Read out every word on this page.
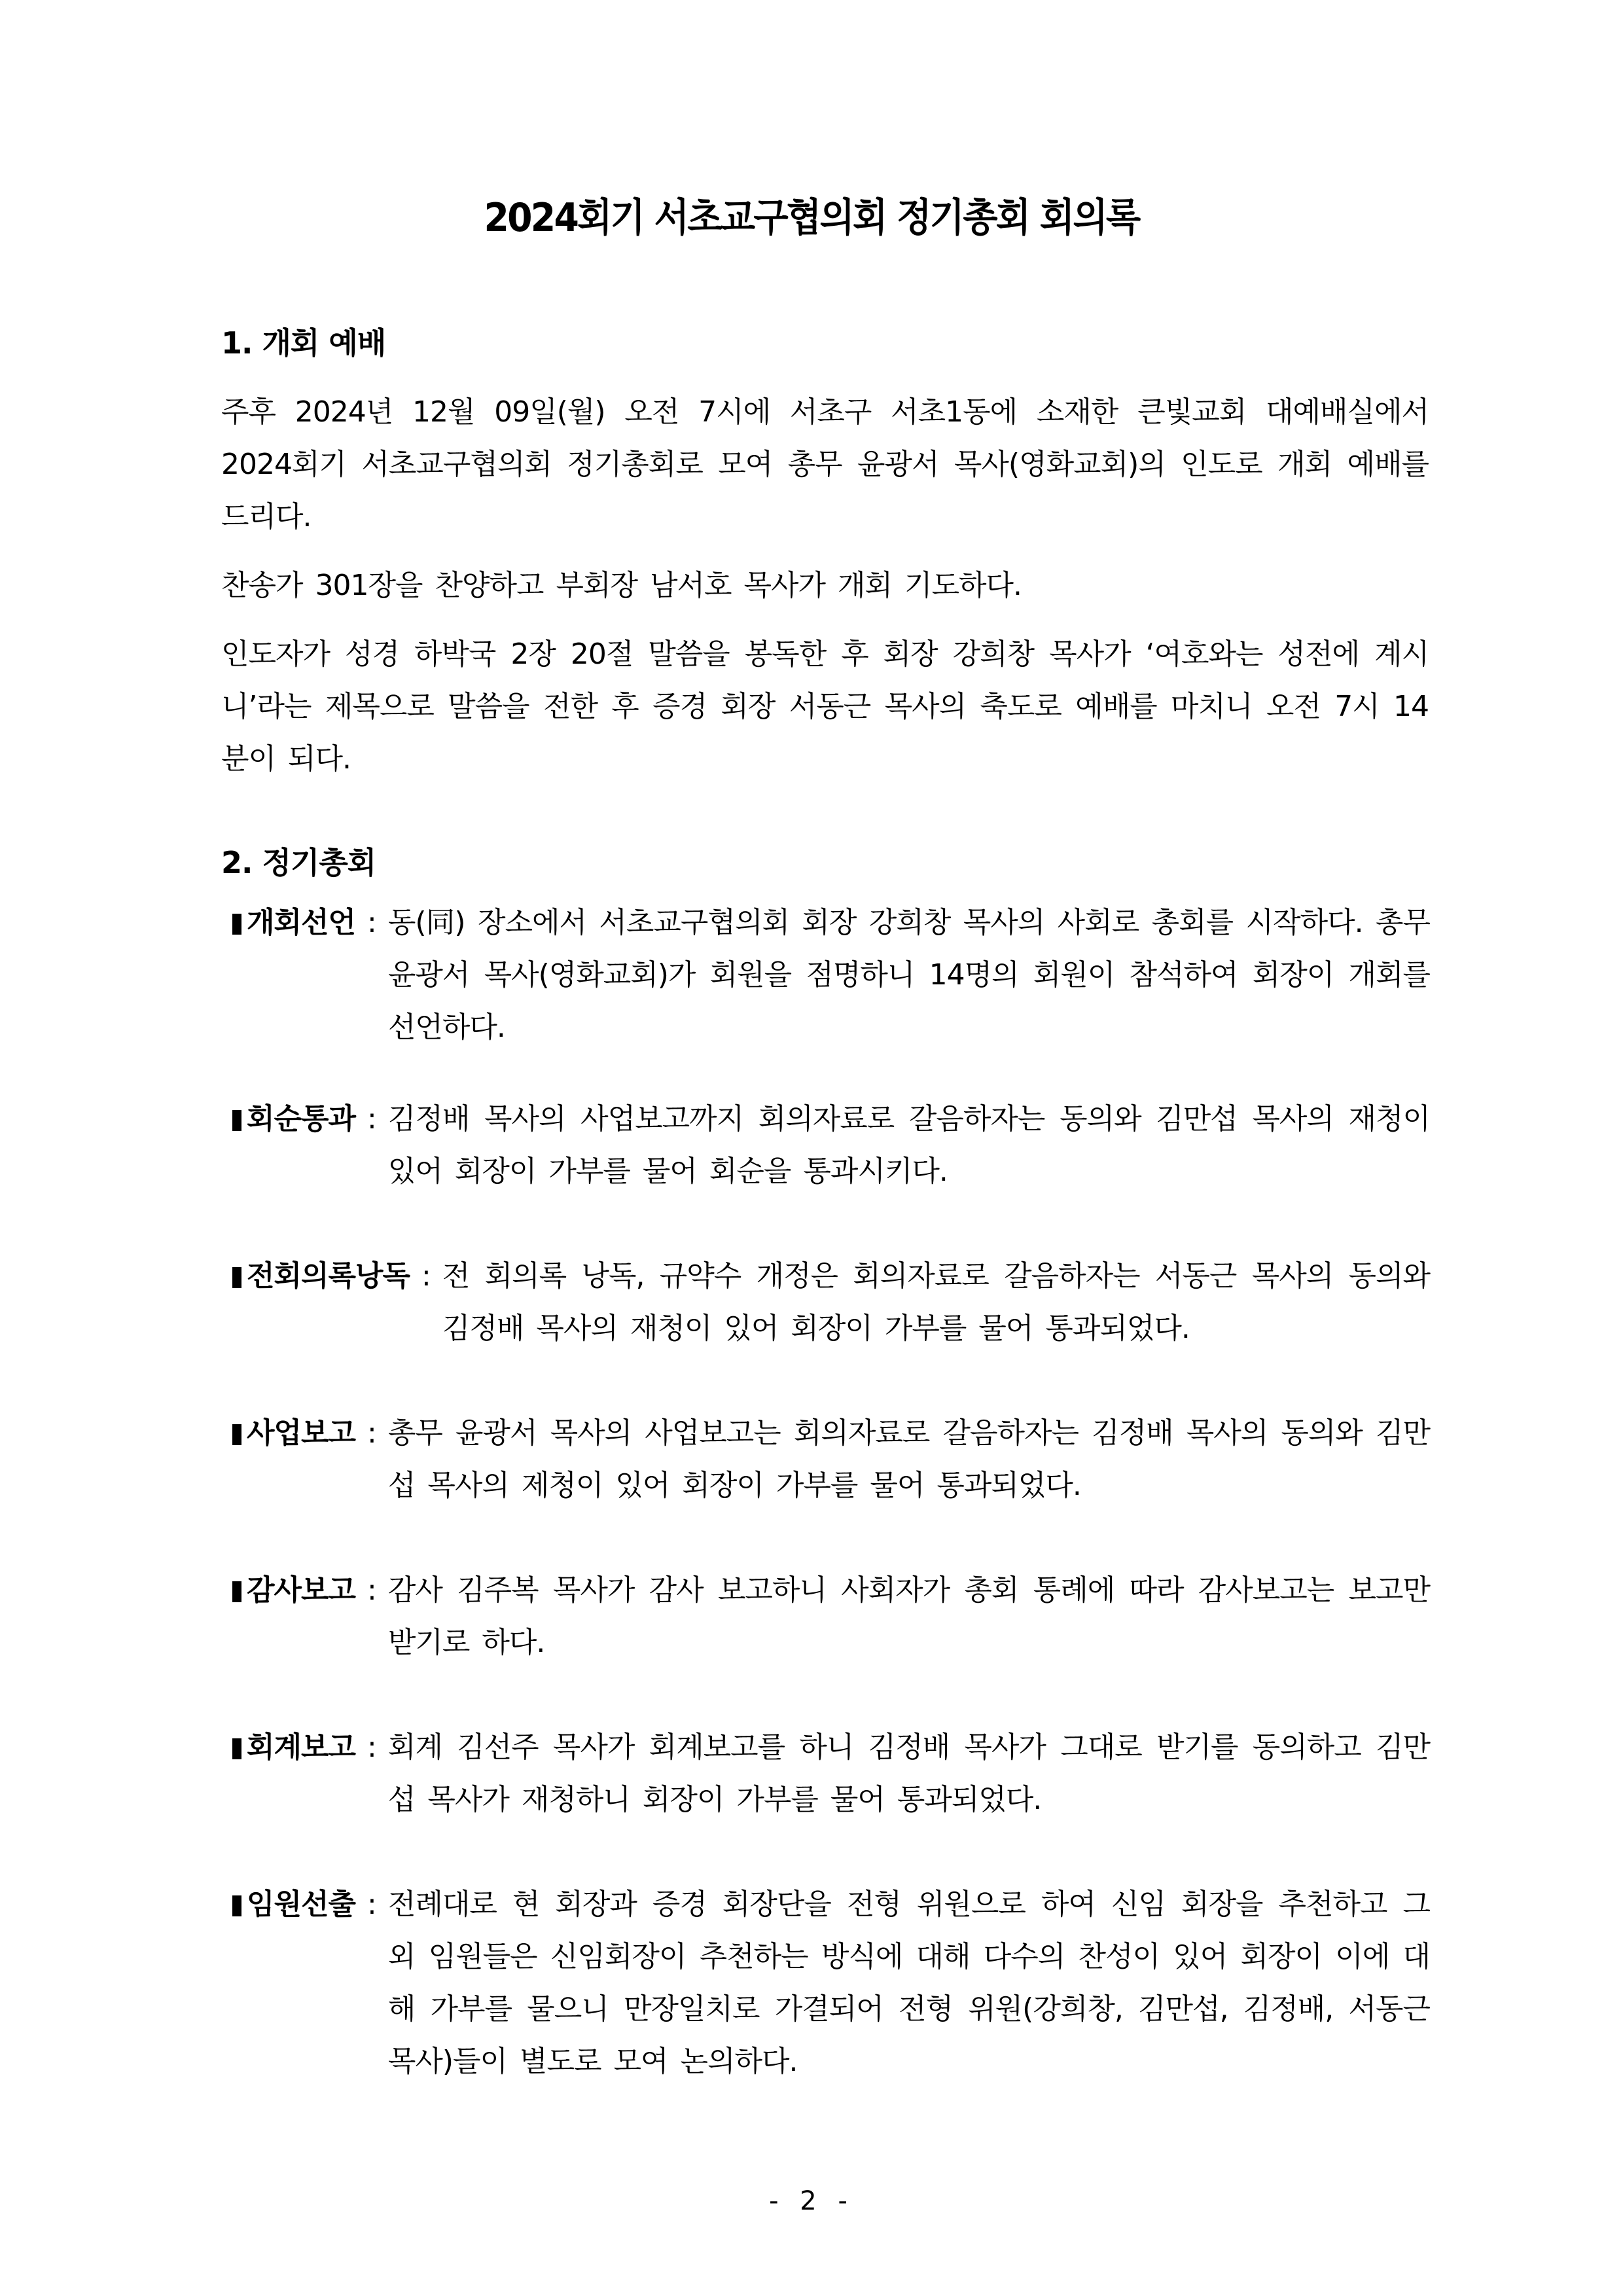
2024회기 서초교구협의회 정기총회 회의록
1. 개회 예배
주후 2024년 12월 09일(월) 오전 7시에 서초구 서초1동에 소재한 큰빛교회 대예배실에서 2024회기 서초교구협의회 정기총회로 모여 총무 윤광서 목사(영화교회)의 인도로 개회 예배를 드리다.
찬송가 301장을 찬양하고 부회장 남서호 목사가 개회 기도하다.
인도자가 성경 하박국 2장 20절 말씀을 봉독한 후 회장 강희창 목사가 ‘여호와는 성전에 계시니’라는 제목으로 말씀을 전한 후 증경 회장 서동근 목사의 축도로 예배를 마치니 오전 7시 14분이 되다.
2. 정기총회
개회선언 : 동(同) 장소에서 서초교구협의회 회장 강희창 목사의 사회로 총회를 시작하다. 총무 윤광서 목사(영화교회)가 회원을 점명하니 14명의 회원이 참석하여 회장이 개회를 선언하다.
회순통과 : 김정배 목사의 사업보고까지 회의자료로 갈음하자는 동의와 김만섭 목사의 재청이 있어 회장이 가부를 물어 회순을 통과시키다.
전회의록낭독 : 전 회의록 낭독, 규약수 개정은 회의자료로 갈음하자는 서동근 목사의 동의와 김정배 목사의 재청이 있어 회장이 가부를 물어 통과되었다.
사업보고 : 총무 윤광서 목사의 사업보고는 회의자료로 갈음하자는 김정배 목사의 동의와 김만섭 목사의 제청이 있어 회장이 가부를 물어 통과되었다.
감사보고 : 감사 김주복 목사가 감사 보고하니 사회자가 총회 통례에 따라 감사보고는 보고만 받기로 하다.
회계보고 : 회계 김선주 목사가 회계보고를 하니 김정배 목사가 그대로 받기를 동의하고 김만섭 목사가 재청하니 회장이 가부를 물어 통과되었다.
임원선출 : 전례대로 현 회장과 증경 회장단을 전형 위원으로 하여 신임 회장을 추천하고 그 외 임원들은 신임회장이 추천하는 방식에 대해 다수의 찬성이 있어 회장이 이에 대해 가부를 물으니 만장일치로 가결되어 전형 위원(강희창, 김만섭, 김정배, 서동근 목사)들이 별도로 모여 논의하다.
- 2 -
